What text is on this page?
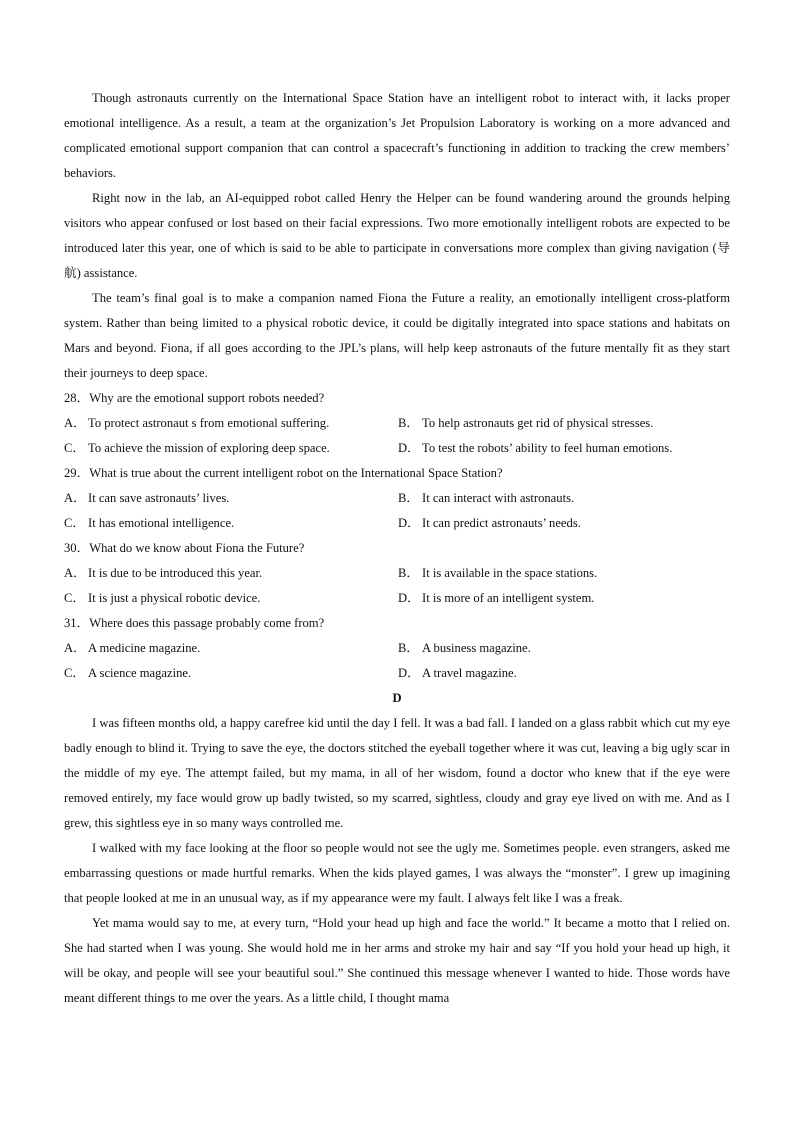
Though astronauts currently on the International Space Station have an intelligent robot to interact with, it lacks proper emotional intelligence. As a result, a team at the organization’s Jet Propulsion Laboratory is working on a more advanced and complicated emotional support companion that can control a spacecraft’s functioning in addition to tracking the crew members’ behaviors.

Right now in the lab, an AI-equipped robot called Henry the Helper can be found wandering around the grounds helping visitors who appear confused or lost based on their facial expressions. Two more emotionally intelligent robots are expected to be introduced later this year, one of which is said to be able to participate in conversations more complex than giving navigation (导航) assistance.

The team’s final goal is to make a companion named Fiona the Future a reality, an emotionally intelligent cross-platform system. Rather than being limited to a physical robotic device, it could be digitally integrated into space stations and habitats on Mars and beyond. Fiona, if all goes according to the JPL’s plans, will help keep astronauts of the future mentally fit as they start their journeys to deep space.

28．Why are the emotional support robots needed?

A． To protect astronaut s from emotional suffering.	B． To help astronauts get rid of physical stresses.

C． To achieve the mission of exploring deep space.	D． To test the robots’ ability to feel human emotions.

29．What is true about the current intelligent robot on the International Space Station?

A． It can save astronauts’ lives.	B． It can interact with astronauts.

C． It has emotional intelligence.	D． It can predict astronauts’ needs.

30．What do we know about Fiona the Future?

A． It is due to be introduced this year.	B． It is available in the space stations.

C． It is just a physical robotic device.	D． It is more of an intelligent system.

31．Where does this passage probably come from?

A． A medicine magazine.	B． A business magazine.

C． A science magazine.	D． A travel magazine.

D

I was fifteen months old, a happy carefree kid until the day I fell. It was a bad fall. I landed on a glass rabbit which cut my eye badly enough to blind it. Trying to save the eye, the doctors stitched the eyeball together where it was cut, leaving a big ugly scar in the middle of my eye. The attempt failed, but my mama, in all of her wisdom, found a doctor who knew that if the eye were removed entirely, my face would grow up badly twisted, so my scarred, sightless, cloudy and gray eye lived on with me. And as I grew, this sightless eye in so many ways controlled me.

I walked with my face looking at the floor so people would not see the ugly me. Sometimes people. even strangers, asked me embarrassing questions or made hurtful remarks. When the kids played games, I was always the “monster”. I grew up imagining that people looked at me in an unusual way, as if my appearance were my fault. I always felt like I was a freak.

Yet mama would say to me, at every turn, “Hold your head up high and face the world.” It became a motto that I relied on. She had started when I was young. She would hold me in her arms and stroke my hair and say “If you hold your head up high, it will be okay, and people will see your beautiful soul.” She continued this message whenever I wanted to hide. Those words have meant different things to me over the years. As a little child, I thought mama
